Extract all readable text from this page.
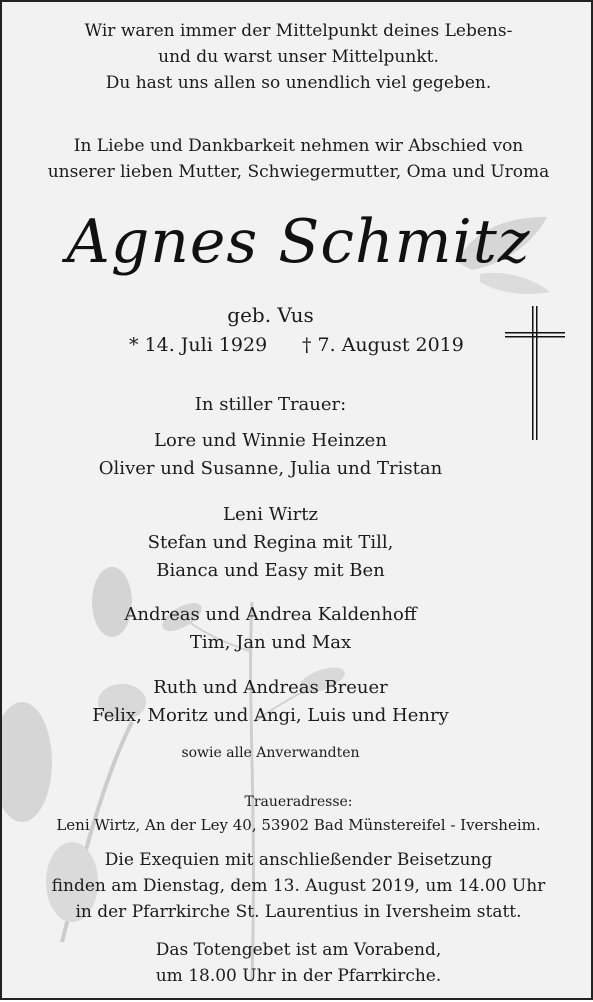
Wir waren immer der Mittelpunkt deines Lebens-
und du warst unser Mittelpunkt.
Du hast uns allen so unendlich viel gegeben.
In Liebe und Dankbarkeit nehmen wir Abschied von
unserer lieben Mutter, Schwiegermutter, Oma und Uroma
Agnes Schmitz
geb. Vus
* 14. Juli 1929 † 7. August 2019
In stiller Trauer:
Lore und Winnie Heinzen
Oliver und Susanne, Julia und Tristan
Leni Wirtz
Stefan und Regina mit Till,
Bianca und Easy mit Ben
Andreas und Andrea Kaldenhoff
Tim, Jan und Max
Ruth und Andreas Breuer
Felix, Moritz und Angi, Luis und Henry
sowie alle Anverwandten
Traueradresse:
Leni Wirtz, An der Ley 40, 53902 Bad Münstereifel - Iversheim.
Die Exequien mit anschließender Beisetzung
finden am Dienstag, dem 13. August 2019, um 14.00 Uhr
in der Pfarrkirche St. Laurentius in Iversheim statt.
Das Totengebet ist am Vorabend,
um 18.00 Uhr in der Pfarrkirche.
